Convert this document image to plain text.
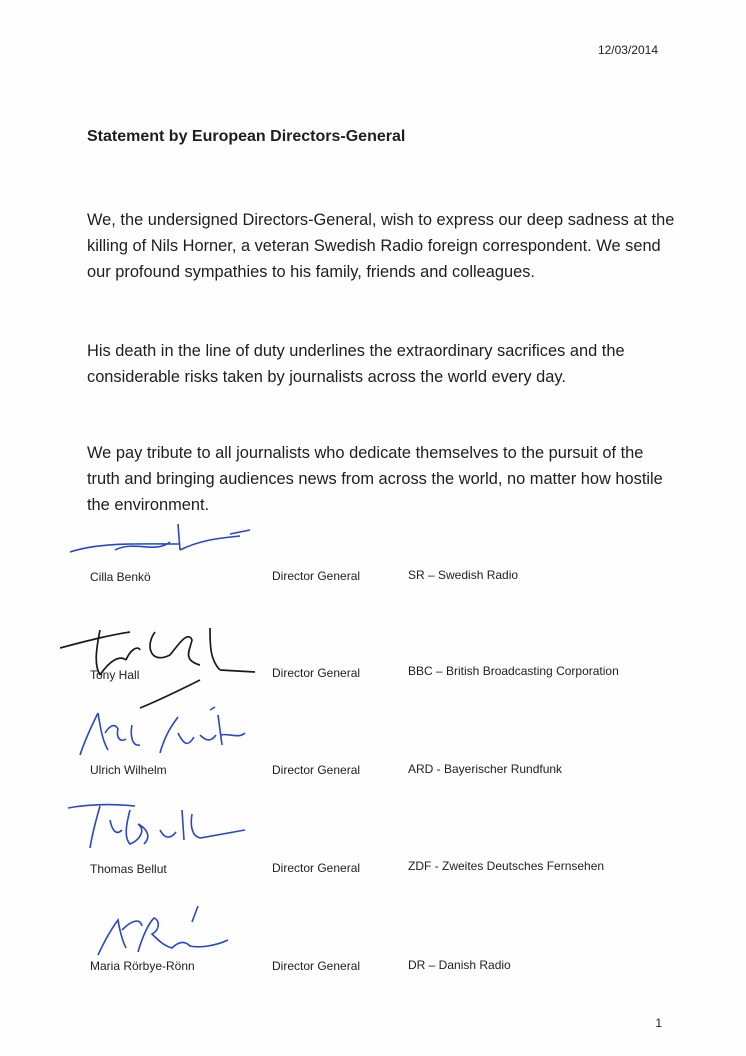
12/03/2014
Statement by European Directors-General

We, the undersigned Directors-General, wish to express our deep sadness at the killing of Nils Horner, a veteran Swedish Radio foreign correspondent. We send our profound sympathies to his family, friends and colleagues.

His death in the line of duty underlines the extraordinary sacrifices and the considerable risks taken by journalists across the world every day.

We pay tribute to all journalists who dedicate themselves to the pursuit of the truth and bringing audiences news from across the world, no matter how hostile the environment.

Cilla Benkö	Director General	SR – Swedish Radio
Tony Hall	Director General	BBC – British Broadcasting Corporation
Ulrich Wilhelm	Director General	ARD - Bayerischer Rundfunk
Thomas Bellut	Director General	ZDF - Zweites Deutsches Fernsehen
Maria Rörbye-Rönn	Director General	DR – Danish Radio
1
